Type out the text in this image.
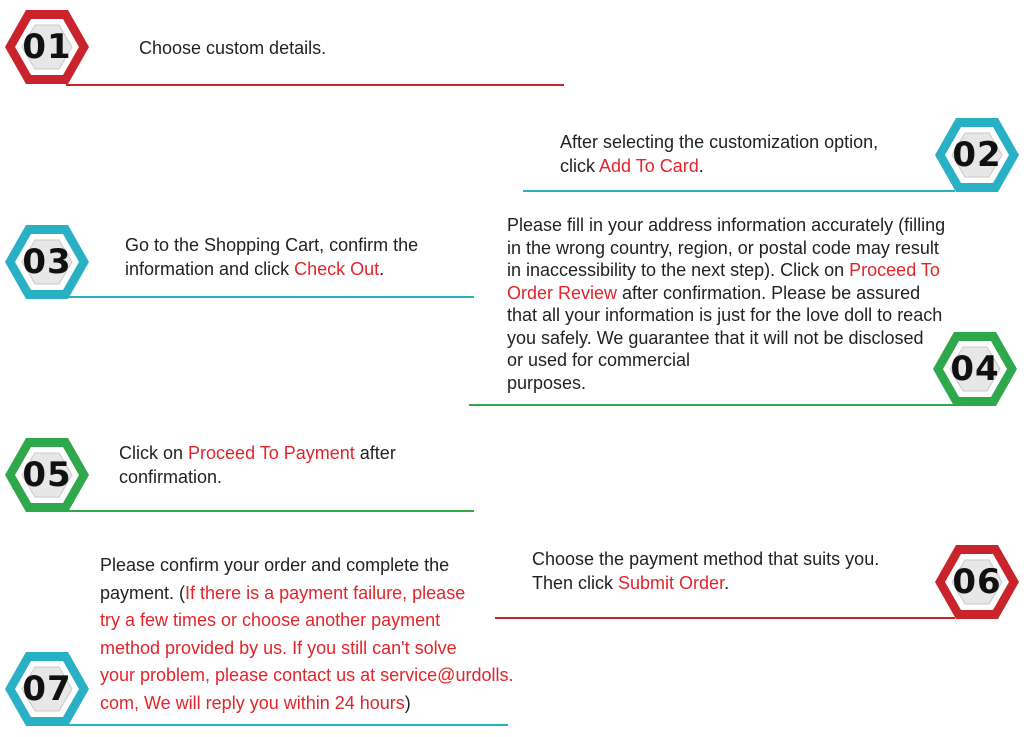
01	Choose custom details.

02

After selecting the customization option,
click Add To Card.

03	Go to the Shopping Cart, confirm the
information and click Check Out.

04

Please fill in your address information accurately (filling
in the wrong country, region, or postal code may result
in inaccessibility to the next step). Click on Proceed To
Order Review after confirmation. Please be assured
that all your information is just for the love doll to reach
you safely. We guarantee that it will not be disclosed
or used for commercial
purposes.

05

Click on Proceed To Payment after
confirmation.

06

Choose the payment method that suits you.
Then click Submit Order.

07

Please confirm your order and complete the
payment. (If there is a payment failure, please
try a few times or choose another payment
method provided by us. If you still can't solve
your problem, please contact us at service@urdolls.
com, We will reply you within 24 hours)
